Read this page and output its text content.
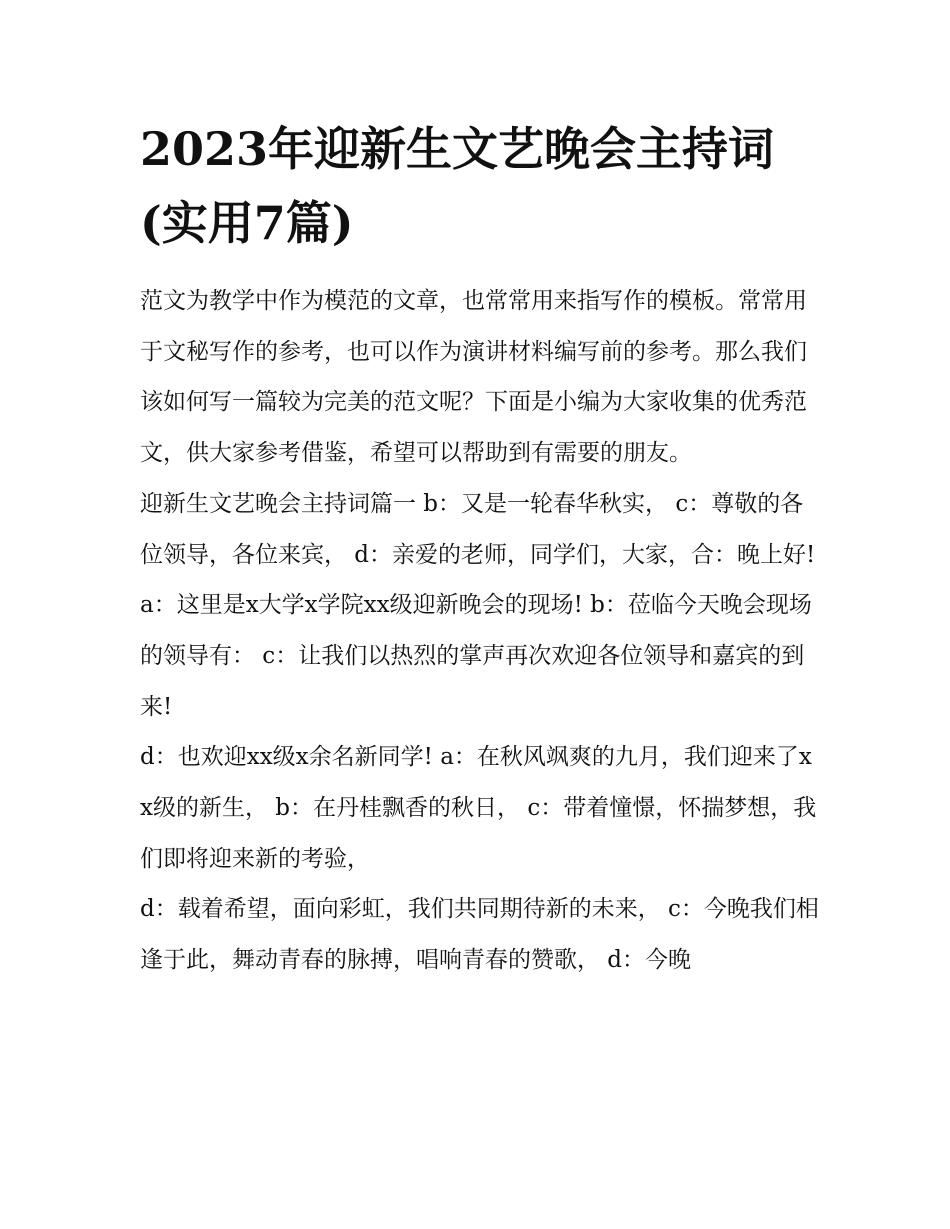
2023年迎新生文艺晚会主持词(实用7篇)

范文为教学中作为模范的文章，也常常用来指写作的模板。常常用于文秘写作的参考，也可以作为演讲材料编写前的参考。那么我们该如何写一篇较为完美的范文呢？下面是小编为大家收集的优秀范文，供大家参考借鉴，希望可以帮助到有需要的朋友。

迎新生文艺晚会主持词篇一 b：又是一轮春华秋实， c：尊敬的各位领导，各位来宾， d：亲爱的老师，同学们，大家，合：晚上好!

a：这里是x大学x学院xx级迎新晚会的现场! b：莅临今天晚会现场的领导有： c：让我们以热烈的掌声再次欢迎各位领导和嘉宾的到来!

d：也欢迎xx级x余名新同学! a：在秋风飒爽的九月，我们迎来了xx级的新生， b：在丹桂飘香的秋日， c：带着憧憬，怀揣梦想，我们即将迎来新的考验，

d：载着希望，面向彩虹，我们共同期待新的未来， c：今晚我们相逢于此，舞动青春的脉搏，唱响青春的赞歌， d：今晚
